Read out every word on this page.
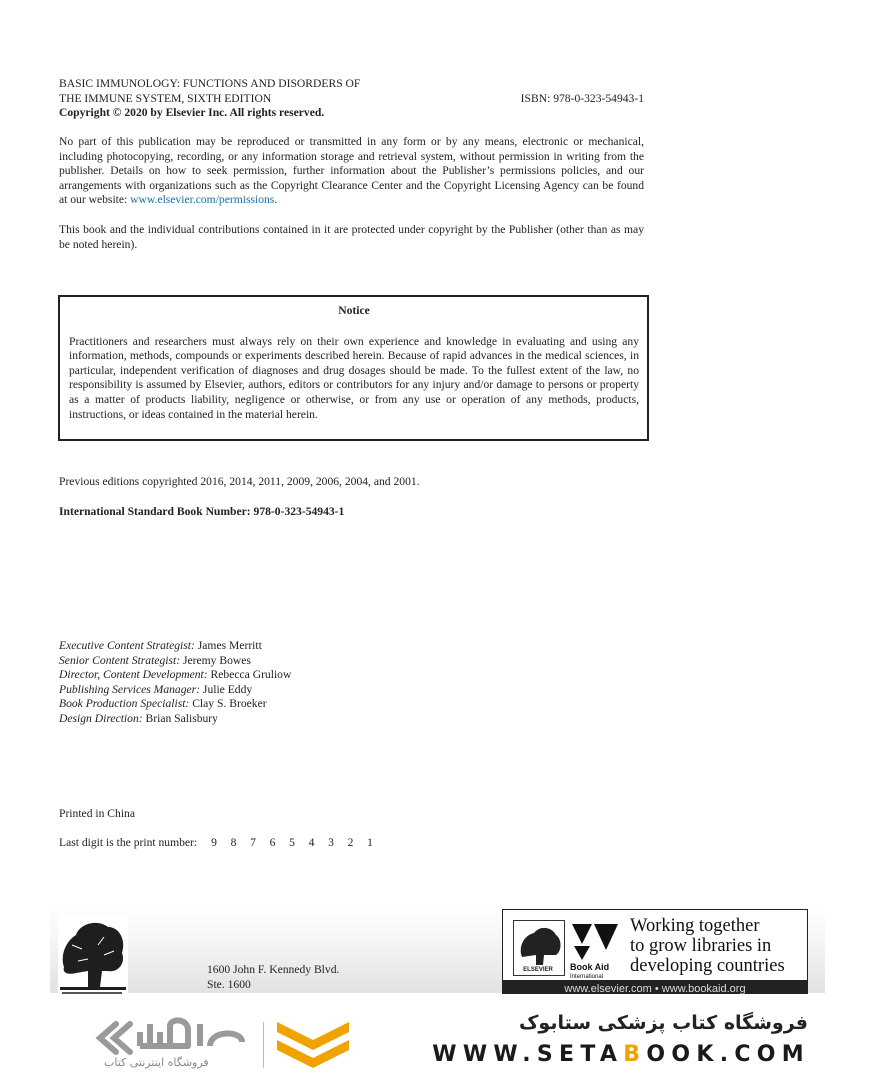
BASIC IMMUNOLOGY: FUNCTIONS AND DISORDERS OF
THE IMMUNE SYSTEM, SIXTH EDITION	ISBN: 978-0-323-54943-1
Copyright © 2020 by Elsevier Inc. All rights reserved.
No part of this publication may be reproduced or transmitted in any form or by any means, electronic or mechanical, including photocopying, recording, or any information storage and retrieval system, without permission in writing from the publisher. Details on how to seek permission, further information about the Publisher’s permissions policies, and our arrangements with organizations such as the Copyright Clearance Center and the Copyright Licensing Agency can be found at our website: www.elsevier.com/permissions.
This book and the individual contributions contained in it are protected under copyright by the Publisher (other than as may be noted herein).
Notice
Practitioners and researchers must always rely on their own experience and knowledge in evaluating and using any information, methods, compounds or experiments described herein. Because of rapid advances in the medical sciences, in particular, independent verification of diagnoses and drug dosages should be made. To the fullest extent of the law, no responsibility is assumed by Elsevier, authors, editors or contributors for any injury and/or damage to persons or property as a matter of products liability, negligence or otherwise, or from any use or operation of any methods, products, instructions, or ideas contained in the material herein.
Previous editions copyrighted 2016, 2014, 2011, 2009, 2006, 2004, and 2001.
International Standard Book Number: 978-0-323-54943-1
Executive Content Strategist: James Merritt
Senior Content Strategist: Jeremy Bowes
Director, Content Development: Rebecca Gruliow
Publishing Services Manager: Julie Eddy
Book Production Specialist: Clay S. Broeker
Design Direction: Brian Salisbury
Printed in China
Last digit is the print number: 9 8 7 6 5 4 3 2 1
1600 John F. Kennedy Blvd.
Ste. 1600
ELSEVIER	Book Aid
International
Working together
to grow libraries in
developing countries
www.elsevier.com • www.bookaid.org
فروشگاه اینترنتی کتاب
فروشگاه کتاب پزشکی ستابوک
WWW.SETABOOK.COM
